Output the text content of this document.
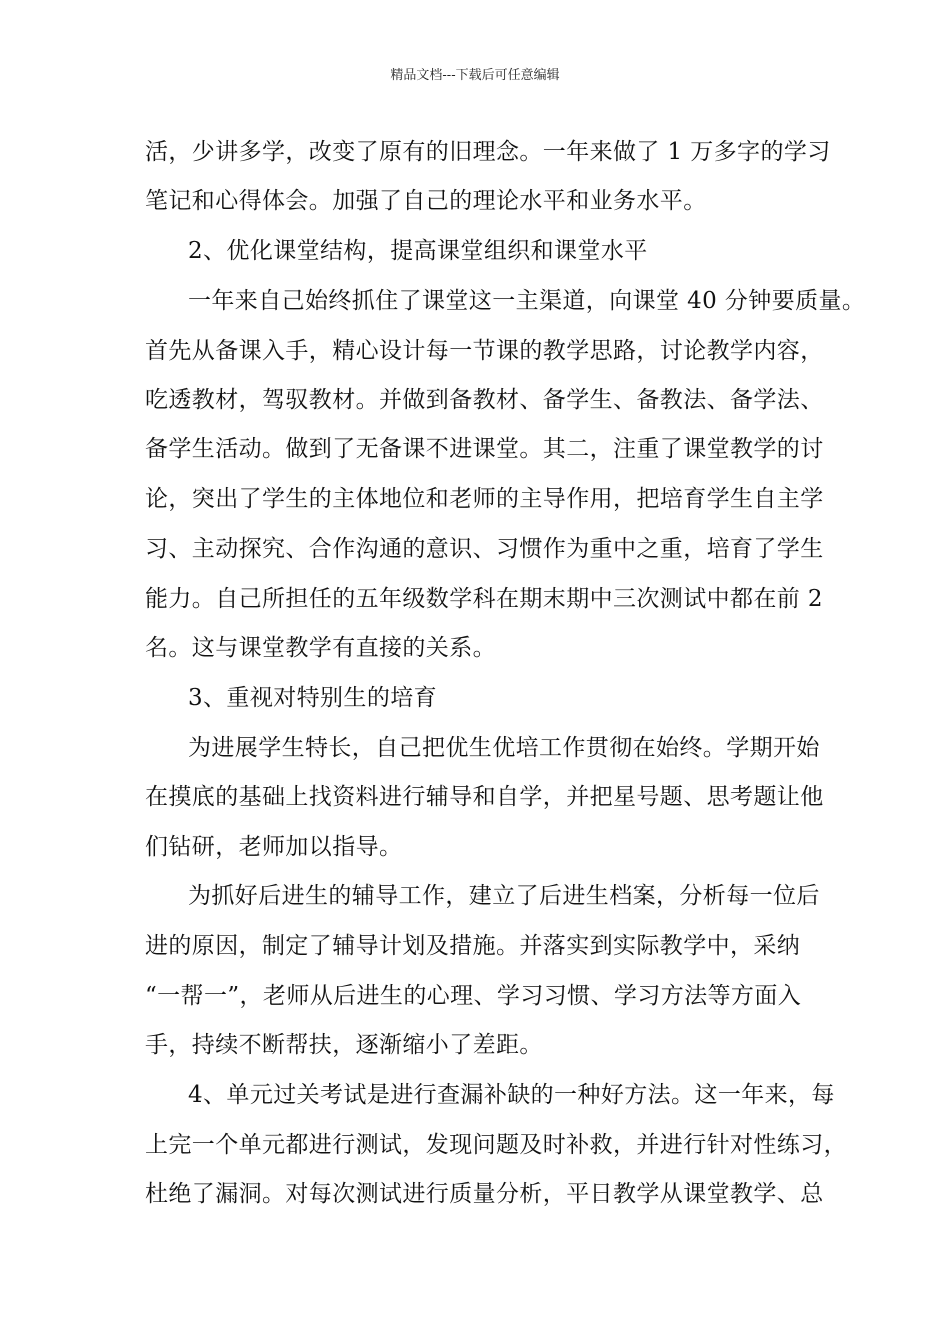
精品文档---下载后可任意编辑
活，少讲多学，改变了原有的旧理念。一年来做了 1 万多字的学习
笔记和心得体会。加强了自己的理论水平和业务水平。
2、优化课堂结构，提高课堂组织和课堂水平
一年来自己始终抓住了课堂这一主渠道，向课堂 40 分钟要质量。
首先从备课入手，精心设计每一节课的教学思路，讨论教学内容，
吃透教材，驾驭教材。并做到备教材、备学生、备教法、备学法、
备学生活动。做到了无备课不进课堂。其二，注重了课堂教学的讨
论，突出了学生的主体地位和老师的主导作用，把培育学生自主学
习、主动探究、合作沟通的意识、习惯作为重中之重，培育了学生
能力。自己所担任的五年级数学科在期末期中三次测试中都在前 2
名。这与课堂教学有直接的关系。
3、重视对特别生的培育
为进展学生特长，自己把优生优培工作贯彻在始终。学期开始
在摸底的基础上找资料进行辅导和自学，并把星号题、思考题让他
们钻研，老师加以指导。
为抓好后进生的辅导工作，建立了后进生档案，分析每一位后
进的原因，制定了辅导计划及措施。并落实到实际教学中，采纳
“一帮一”，老师从后进生的心理、学习习惯、学习方法等方面入
手，持续不断帮扶，逐渐缩小了差距。
4、单元过关考试是进行查漏补缺的一种好方法。这一年来，每
上完一个单元都进行测试，发现问题及时补救，并进行针对性练习，
杜绝了漏洞。对每次测试进行质量分析，平日教学从课堂教学、总
